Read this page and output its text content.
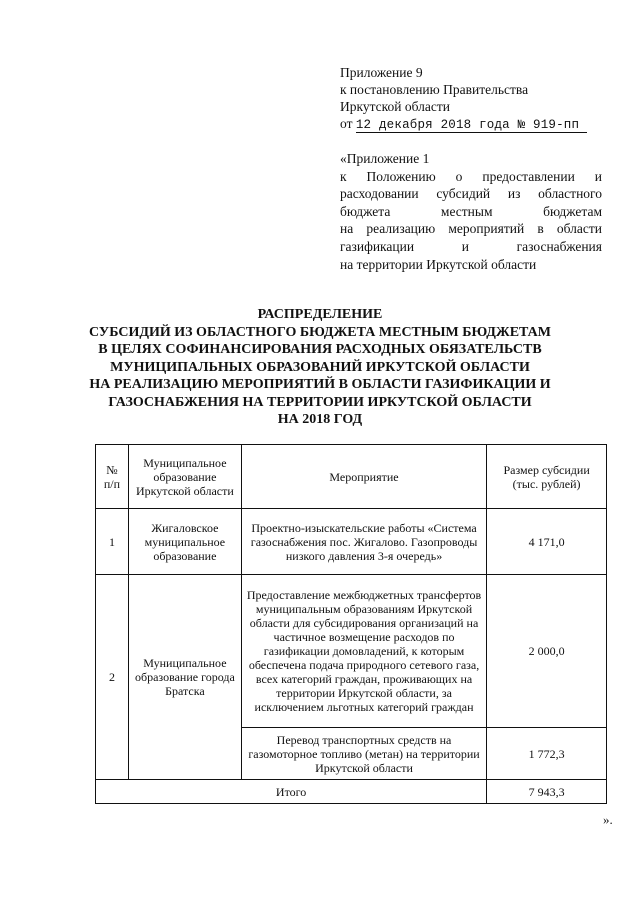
Приложение 9
к постановлению Правительства
Иркутской области
от 12 декабря 2018 года № 919-пп
«Приложение 1
к Положению о предоставлении и
расходовании субсидий из областного
бюджета местным бюджетам
на реализацию мероприятий в области
газификации и газоснабжения
на территории Иркутской области
РАСПРЕДЕЛЕНИЕ
СУБСИДИЙ ИЗ ОБЛАСТНОГО БЮДЖЕТА МЕСТНЫМ БЮДЖЕТАМ
В ЦЕЛЯХ СОФИНАНСИРОВАНИЯ РАСХОДНЫХ ОБЯЗАТЕЛЬСТВ
МУНИЦИПАЛЬНЫХ ОБРАЗОВАНИЙ ИРКУТСКОЙ ОБЛАСТИ
НА РЕАЛИЗАЦИЮ МЕРОПРИЯТИЙ В ОБЛАСТИ ГАЗИФИКАЦИИ И
ГАЗОСНАБЖЕНИЯ НА ТЕРРИТОРИИ ИРКУТСКОЙ ОБЛАСТИ
НА 2018 ГОД
№ п/п	Муниципальное образование Иркутской области	Мероприятие	Размер субсидии (тыс. рублей)
1	Жигаловское муниципальное образование	Проектно-изыскательские работы «Система газоснабжения пос. Жигалово. Газопроводы низкого давления 3-я очередь»	4 171,0
2	Муниципальное образование города Братска	Предоставление межбюджетных трансфертов муниципальным образованиям Иркутской области для субсидирования организаций на частичное возмещение расходов по газификации домовладений, к которым обеспечена подача природного сетевого газа, всех категорий граждан, проживающих на территории Иркутской области, за исключением льготных категорий граждан	2 000,0
		Перевод транспортных средств на газомоторное топливо (метан) на территории Иркутской области	1 772,3
Итого			7 943,3
».
